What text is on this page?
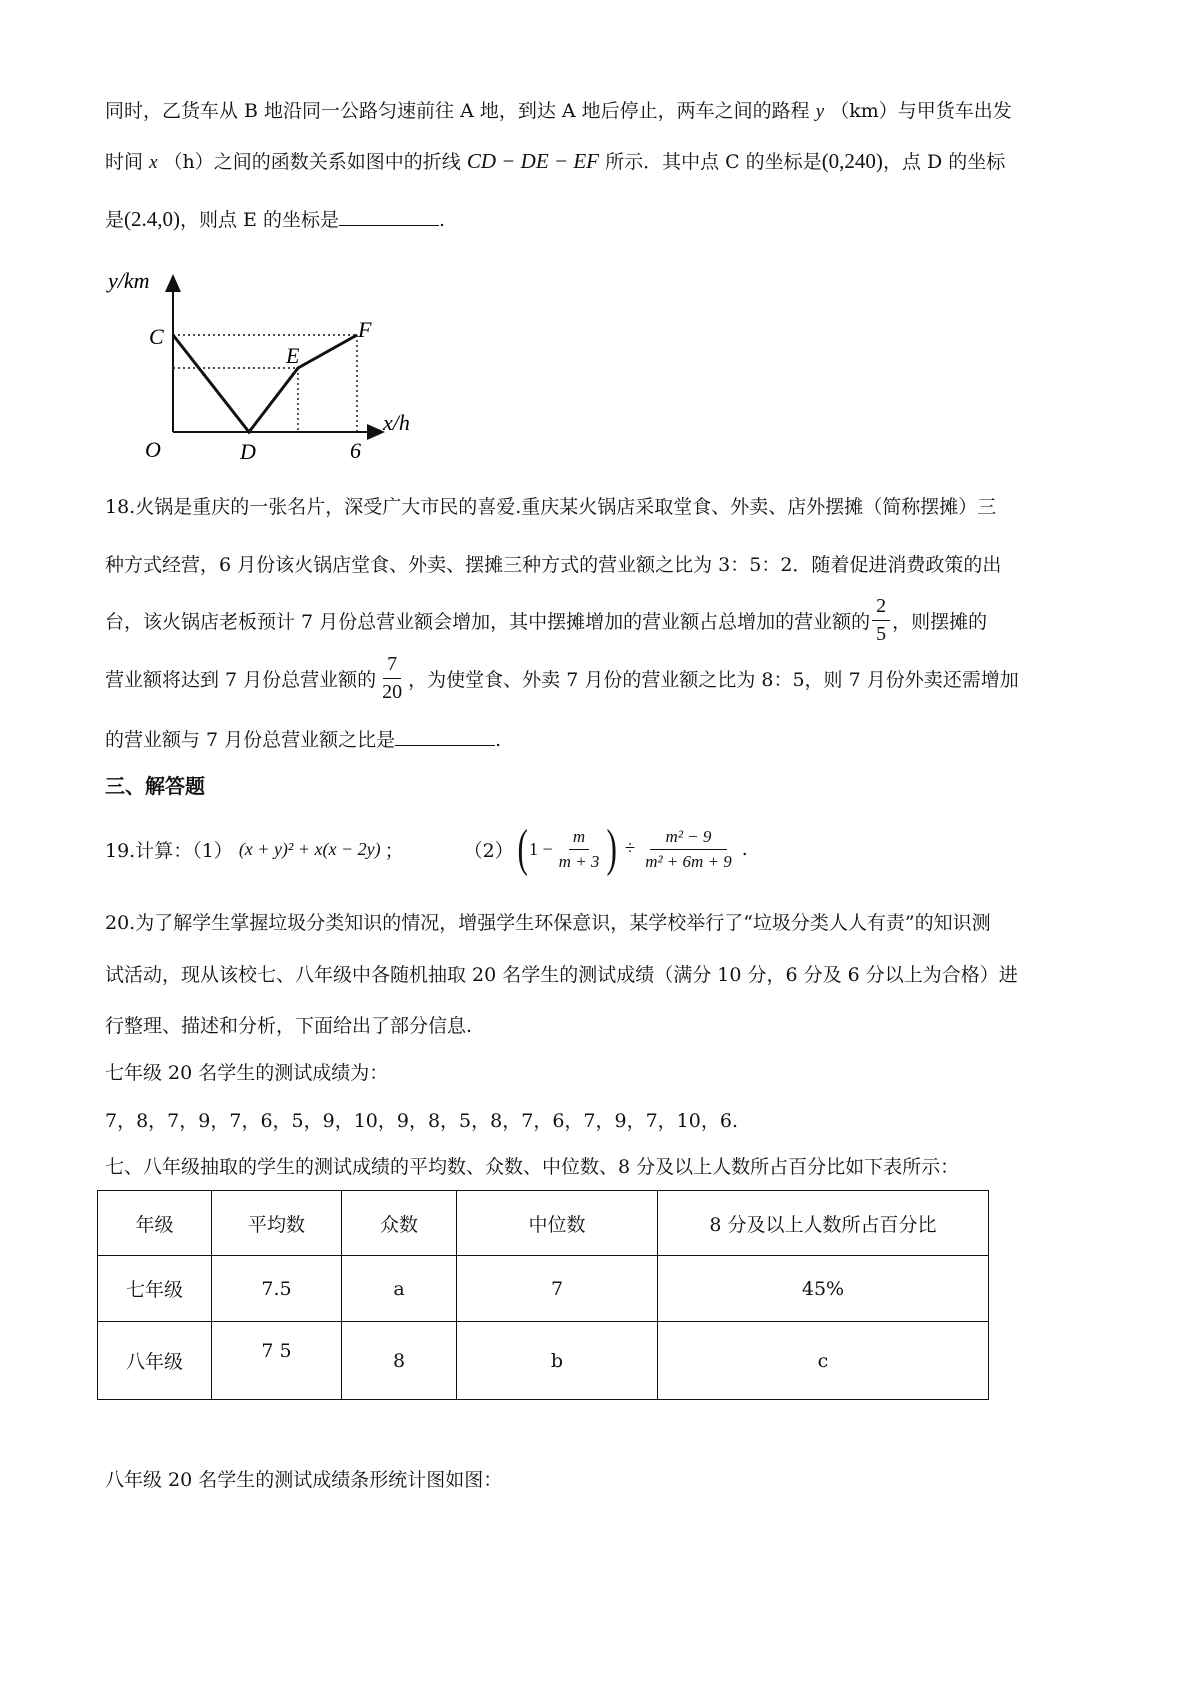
同时，乙货车从 B 地沿同一公路匀速前往 A 地，到达 A 地后停止，两车之间的路程 y （km）与甲货车出发
时间 x （h）之间的函数关系如图中的折线 CD − DE − EF 所示．其中点 C 的坐标是(0,240)，点 D 的坐标
是(2.4,0)，则点 E 的坐标是	.
y/km
x/h
O
C
D
E
F
6
18.火锅是重庆的一张名片，深受广大市民的喜爱.重庆某火锅店采取堂食、外卖、店外摆摊（简称摆摊）三
种方式经营，6 月份该火锅店堂食、外卖、摆摊三种方式的营业额之比为 3：5：2．随着促进消费政策的出
台，该火锅店老板预计 7 月份总营业额会增加，其中摆摊增加的营业额占总增加的营业额的 $\frac{2}{5}$ ，则摆摊的
营业额将达到 7 月份总营业额的 $\frac{7}{20}$ ，为使堂食、外卖 7 月份的营业额之比为 8：5，则 7 月份外卖还需增加
的营业额与 7 月份总营业额之比是	.
三、解答题
19.计算：（1） (x + y)² + x(x − 2y) ；	（2） ( $1 - \frac{m}{m + 3}$ ) ÷ $\frac{\text{m² − 9}}{\text{m² + 6m + 9}}$ .
20.为了解学生掌握垃圾分类知识的情况，增强学生环保意识，某学校举行了“垃圾分类人人有责”的知识测
试活动，现从该校七、八年级中各随机抽取 20 名学生的测试成绩（满分 10 分，6 分及 6 分以上为合格）进
行整理、描述和分析，下面给出了部分信息.
七年级 20 名学生的测试成绩为：
7，8，7，9，7，6，5，9，10，9，8，5，8，7，6，7，9，7，10，6.
七、八年级抽取的学生的测试成绩的平均数、众数、中位数、8 分及以上人数所占百分比如下表所示：
年级	平均数	众数	中位数	8 分及以上人数所占百分比
七年级	7.5	a	7	45%
八年级	7 5	8	b	c
八年级 20 名学生的测试成绩条形统计图如图：
